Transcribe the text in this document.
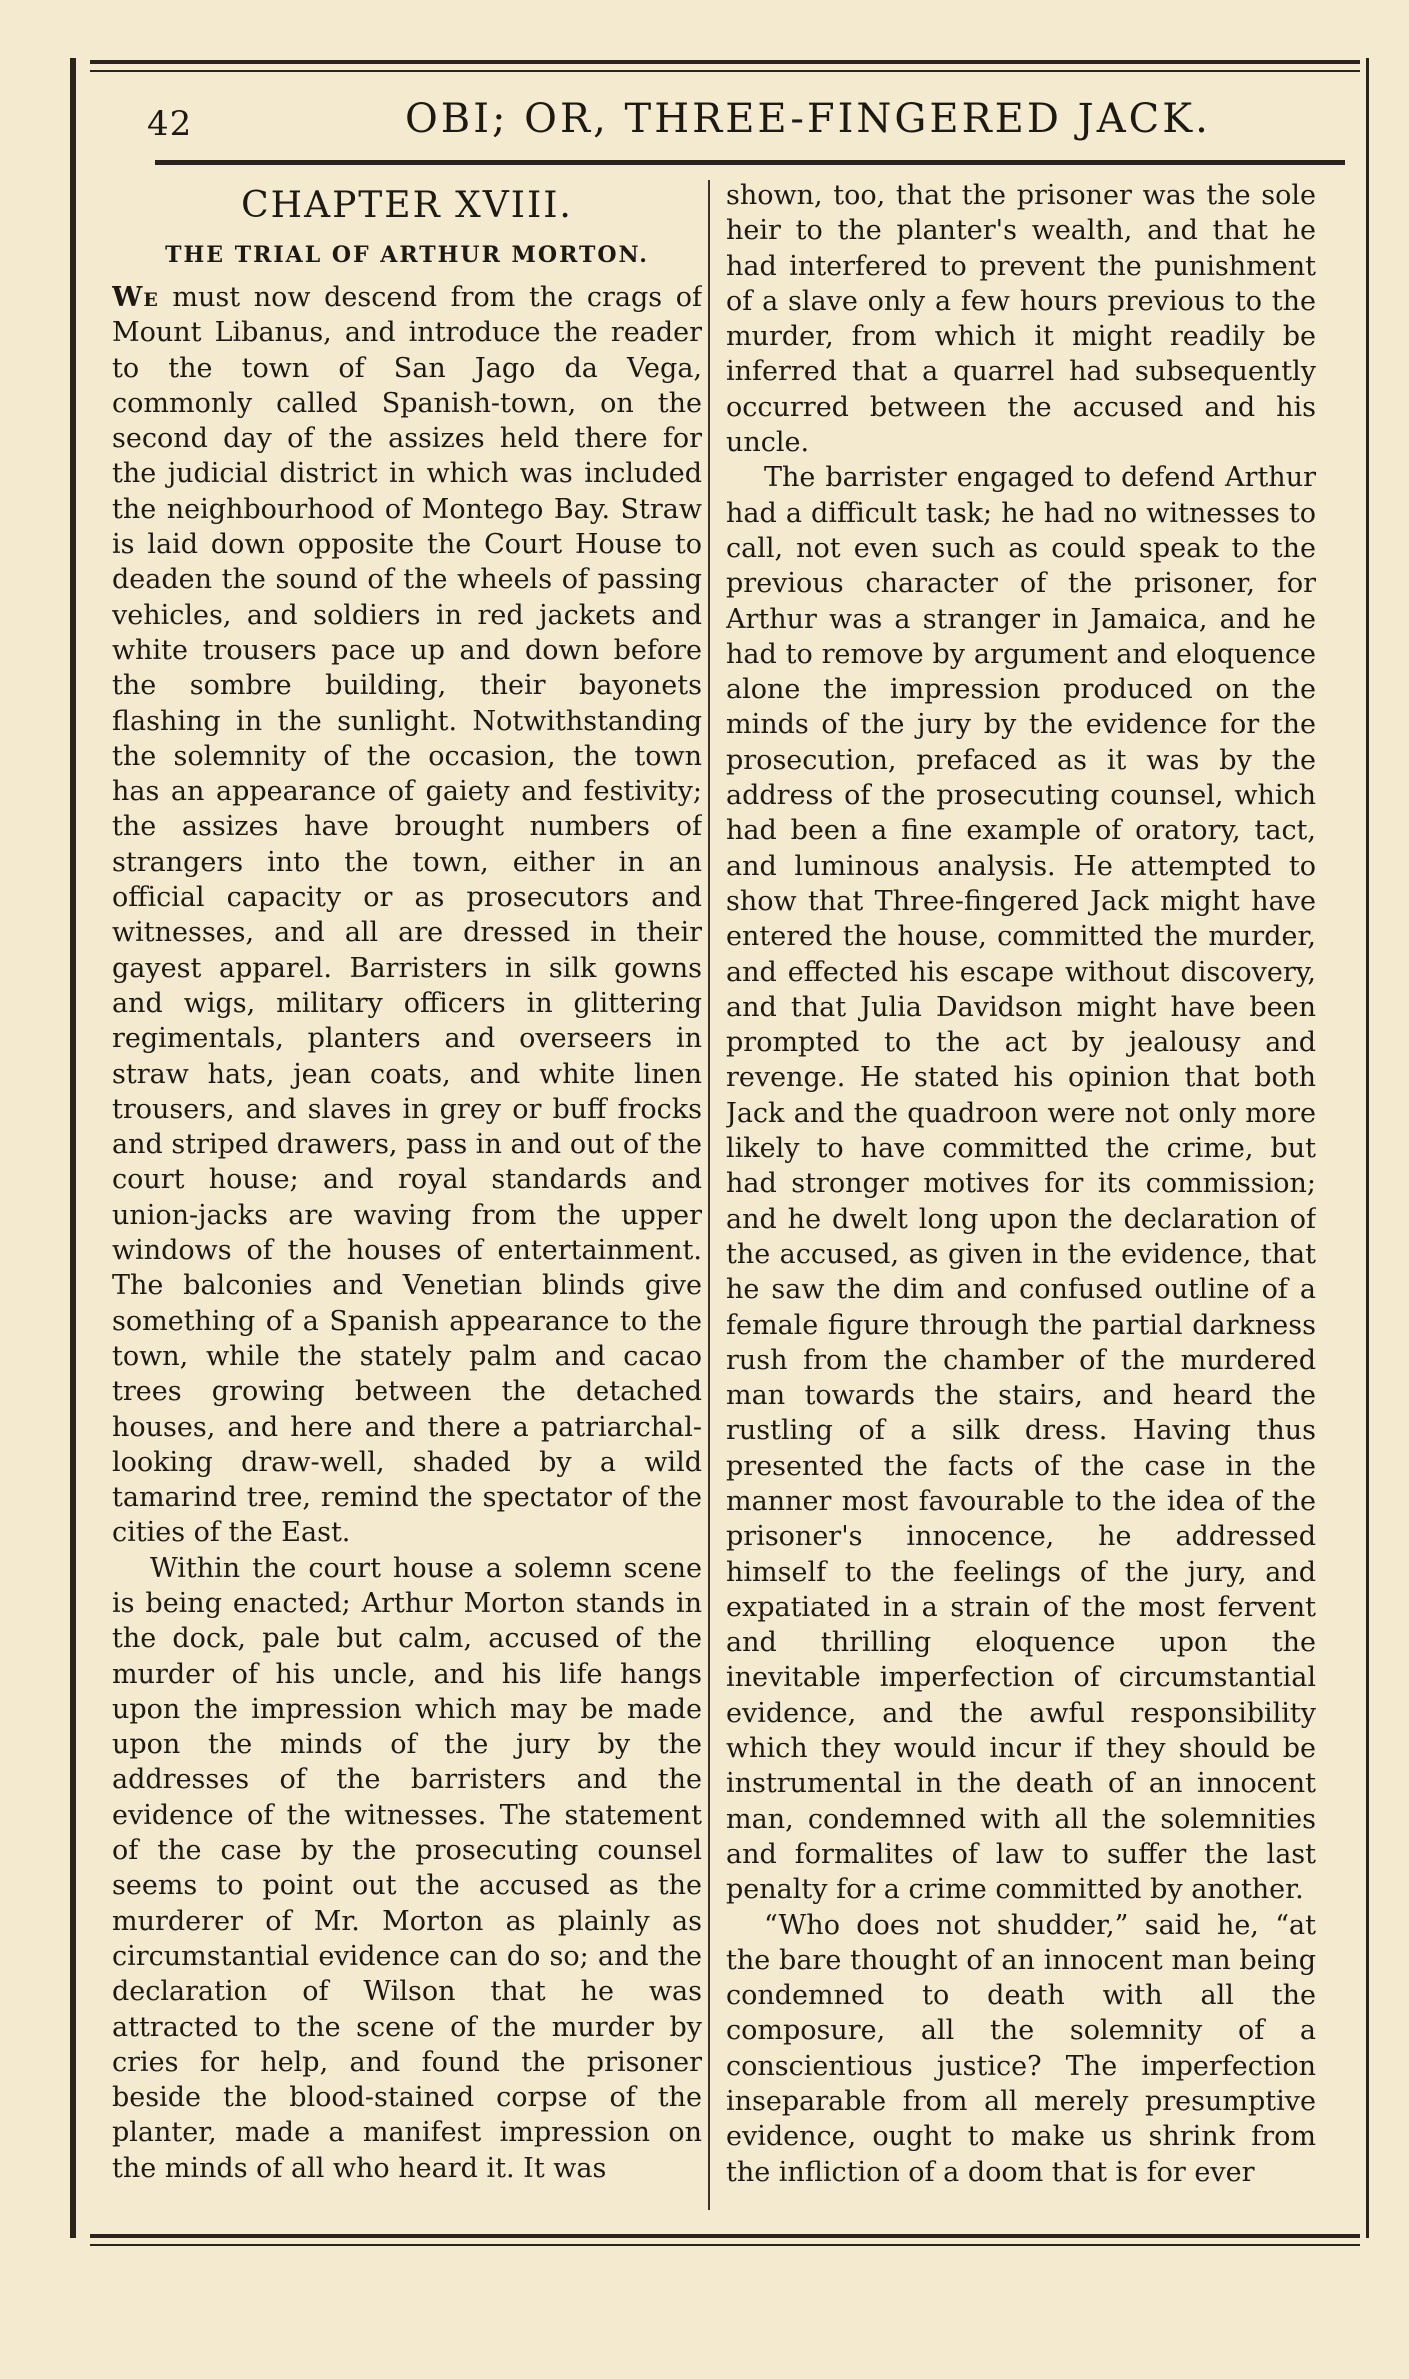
42	OBI; OR, THREE-FINGERED JACK.
CHAPTER XVIII.
THE TRIAL OF ARTHUR MORTON.

We must now descend from the crags of Mount Libanus, and introduce the reader to the town of San Jago da Vega, commonly called Spanish-town, on the second day of the assizes held there for the judicial district in which was included the neighbourhood of Montego Bay. Straw is laid down opposite the Court House to deaden the sound of the wheels of passing vehicles, and soldiers in red jackets and white trousers pace up and down before the sombre building, their bayonets flashing in the sunlight. Notwithstanding the solemnity of the occasion, the town has an appearance of gaiety and festivity; the assizes have brought numbers of strangers into the town, either in an official capacity or as prosecutors and witnesses, and all are dressed in their gayest apparel. Barristers in silk gowns and wigs, military officers in glittering regimentals, planters and overseers in straw hats, jean coats, and white linen trousers, and slaves in grey or buff frocks and striped drawers, pass in and out of the court house; and royal standards and union-jacks are waving from the upper windows of the houses of entertainment. The balconies and Venetian blinds give something of a Spanish appearance to the town, while the stately palm and cacao trees growing between the detached houses, and here and there a patriarchal-looking draw-well, shaded by a wild tamarind tree, remind the spectator of the cities of the East.

Within the court house a solemn scene is being enacted; Arthur Morton stands in the dock, pale but calm, accused of the murder of his uncle, and his life hangs upon the impression which may be made upon the minds of the jury by the addresses of the barristers and the evidence of the witnesses. The statement of the case by the prosecuting counsel seems to point out the accused as the murderer of Mr. Morton as plainly as circumstantial evidence can do so; and the declaration of Wilson that he was attracted to the scene of the murder by cries for help, and found the prisoner beside the blood-stained corpse of the planter, made a manifest impression on the minds of all who heard it. It was

shown, too, that the prisoner was the sole heir to the planter's wealth, and that he had interfered to prevent the punishment of a slave only a few hours previous to the murder, from which it might readily be inferred that a quarrel had subsequently occurred between the accused and his uncle.

The barrister engaged to defend Arthur had a difficult task; he had no witnesses to call, not even such as could speak to the previous character of the prisoner, for Arthur was a stranger in Jamaica, and he had to remove by argument and eloquence alone the impression produced on the minds of the jury by the evidence for the prosecution, prefaced as it was by the address of the prosecuting counsel, which had been a fine example of oratory, tact, and luminous analysis. He attempted to show that Three-fingered Jack might have entered the house, committed the murder, and effected his escape without discovery, and that Julia Davidson might have been prompted to the act by jealousy and revenge. He stated his opinion that both Jack and the quadroon were not only more likely to have committed the crime, but had stronger motives for its commission; and he dwelt long upon the declaration of the accused, as given in the evidence, that he saw the dim and confused outline of a female figure through the partial darkness rush from the chamber of the murdered man towards the stairs, and heard the rustling of a silk dress. Having thus presented the facts of the case in the manner most favourable to the idea of the prisoner's innocence, he addressed himself to the feelings of the jury, and expatiated in a strain of the most fervent and thrilling eloquence upon the inevitable imperfection of circumstantial evidence, and the awful responsibility which they would incur if they should be instrumental in the death of an innocent man, condemned with all the solemnities and formalites of law to suffer the last penalty for a crime committed by another.

“Who does not shudder,” said he, “at the bare thought of an innocent man being condemned to death with all the composure, all the solemnity of a conscientious justice? The imperfection inseparable from all merely presumptive evidence, ought to make us shrink from the infliction of a doom that is for ever
